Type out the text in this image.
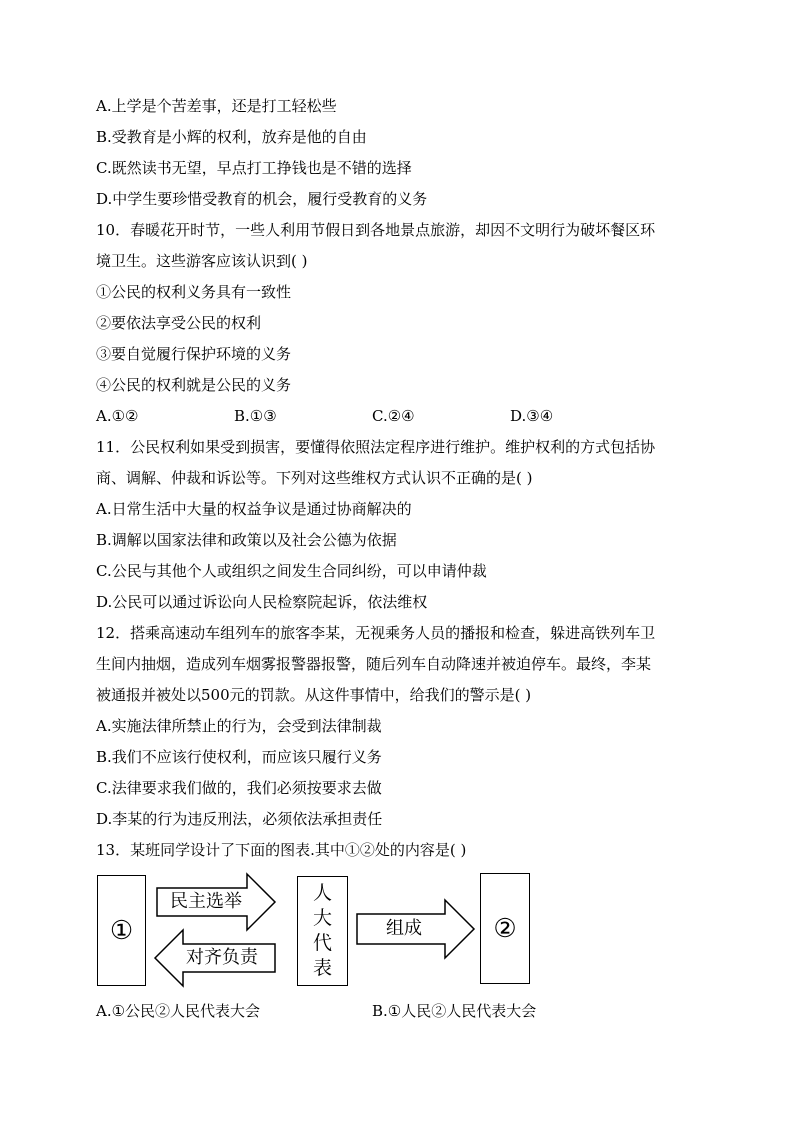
A.上学是个苦差事，还是打工轻松些
B.受教育是小辉的权利，放弃是他的自由
C.既然读书无望，早点打工挣钱也是不错的选择
D.中学生要珍惜受教育的机会，履行受教育的义务
10．春暖花开时节，一些人利用节假日到各地景点旅游，却因不文明行为破坏餐区环
境卫生。这些游客应该认识到( )
①公民的权利义务具有一致性
②要依法享受公民的权利
③要自觉履行保护环境的义务
④公民的权利就是公民的义务
A.①②	B.①③	C.②④	D.③④
11．公民权利如果受到损害，要懂得依照法定程序进行维护。维护权利的方式包括协
商、调解、仲裁和诉讼等。下列对这些维权方式认识不正确的是( )
A.日常生活中大量的权益争议是通过协商解决的
B.调解以国家法律和政策以及社会公德为依据
C.公民与其他个人或组织之间发生合同纠纷，可以申请仲裁
D.公民可以通过诉讼向人民检察院起诉，依法维权
12．搭乘高速动车组列车的旅客李某，无视乘务人员的播报和检查，躲进高铁列车卫
生间内抽烟，造成列车烟雾报警器报警，随后列车自动降速并被迫停车。最终，李某
被通报并被处以500元的罚款。从这件事情中，给我们的警示是( )
A.实施法律所禁止的行为，会受到法律制裁
B.我们不应该行使权利，而应该只履行义务
C.法律要求我们做的，我们必须按要求去做
D.李某的行为违反刑法，必须依法承担责任
13．某班同学设计了下面的图表.其中①②处的内容是( )
①
民主选举
对齐负责
人
大
代
表
组成	②
A.①公民②人民代表大会	B.①人民②人民代表大会
